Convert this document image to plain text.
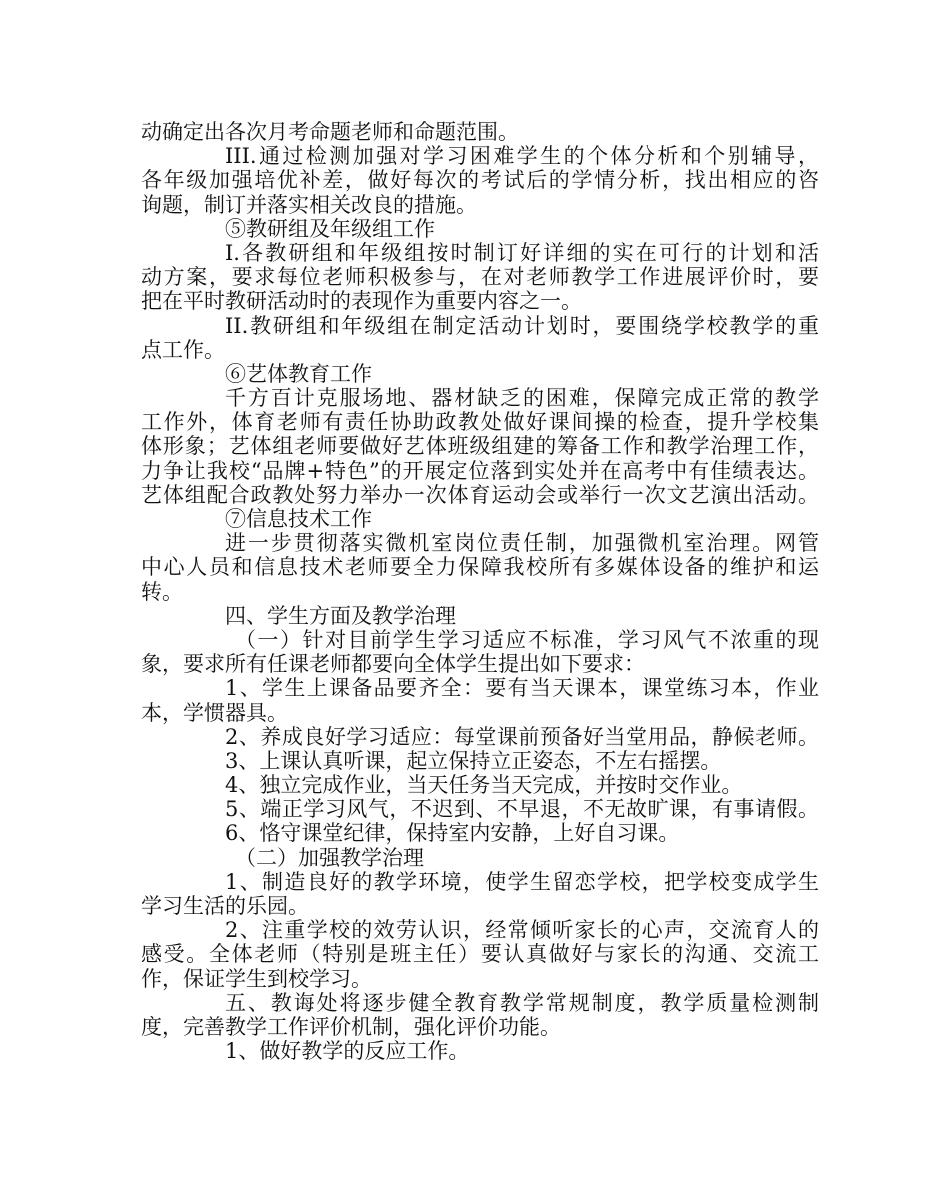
动确定出各次月考命题老师和命题范围。
III.通过检测加强对学习困难学生的个体分析和个别辅导，
各年级加强培优补差，做好每次的考试后的学情分析，找出相应的咨
询题，制订并落实相关改良的措施。
⑤教研组及年级组工作
I.各教研组和年级组按时制订好详细的实在可行的计划和活
动方案，要求每位老师积极参与，在对老师教学工作进展评价时，要
把在平时教研活动时的表现作为重要内容之一。
II.教研组和年级组在制定活动计划时，要围绕学校教学的重
点工作。
⑥艺体教育工作
千方百计克服场地、器材缺乏的困难，保障完成正常的教学
工作外，体育老师有责任协助政教处做好课间操的检查，提升学校集
体形象；艺体组老师要做好艺体班级组建的筹备工作和教学治理工作，
力争让我校“品牌+特色”的开展定位落到实处并在高考中有佳绩表达。
艺体组配合政教处努力举办一次体育运动会或举行一次文艺演出活动。
⑦信息技术工作
进一步贯彻落实微机室岗位责任制，加强微机室治理。网管
中心人员和信息技术老师要全力保障我校所有多媒体设备的维护和运
转。
四、学生方面及教学治理
（一）针对目前学生学习适应不标准，学习风气不浓重的现
象，要求所有任课老师都要向全体学生提出如下要求：
1、学生上课备品要齐全：要有当天课本，课堂练习本，作业
本，学惯器具。
2、养成良好学习适应：每堂课前预备好当堂用品，静候老师。
3、上课认真听课，起立保持立正姿态，不左右摇摆。
4、独立完成作业，当天任务当天完成，并按时交作业。
5、端正学习风气，不迟到、不早退，不无故旷课，有事请假。
6、恪守课堂纪律，保持室内安静，上好自习课。
（二）加强教学治理
1、制造良好的教学环境，使学生留恋学校，把学校变成学生
学习生活的乐园。
2、注重学校的效劳认识，经常倾听家长的心声，交流育人的
感受。全体老师（特别是班主任）要认真做好与家长的沟通、交流工
作，保证学生到校学习。
五、教诲处将逐步健全教育教学常规制度，教学质量检测制
度，完善教学工作评价机制，强化评价功能。
1、做好教学的反应工作。
